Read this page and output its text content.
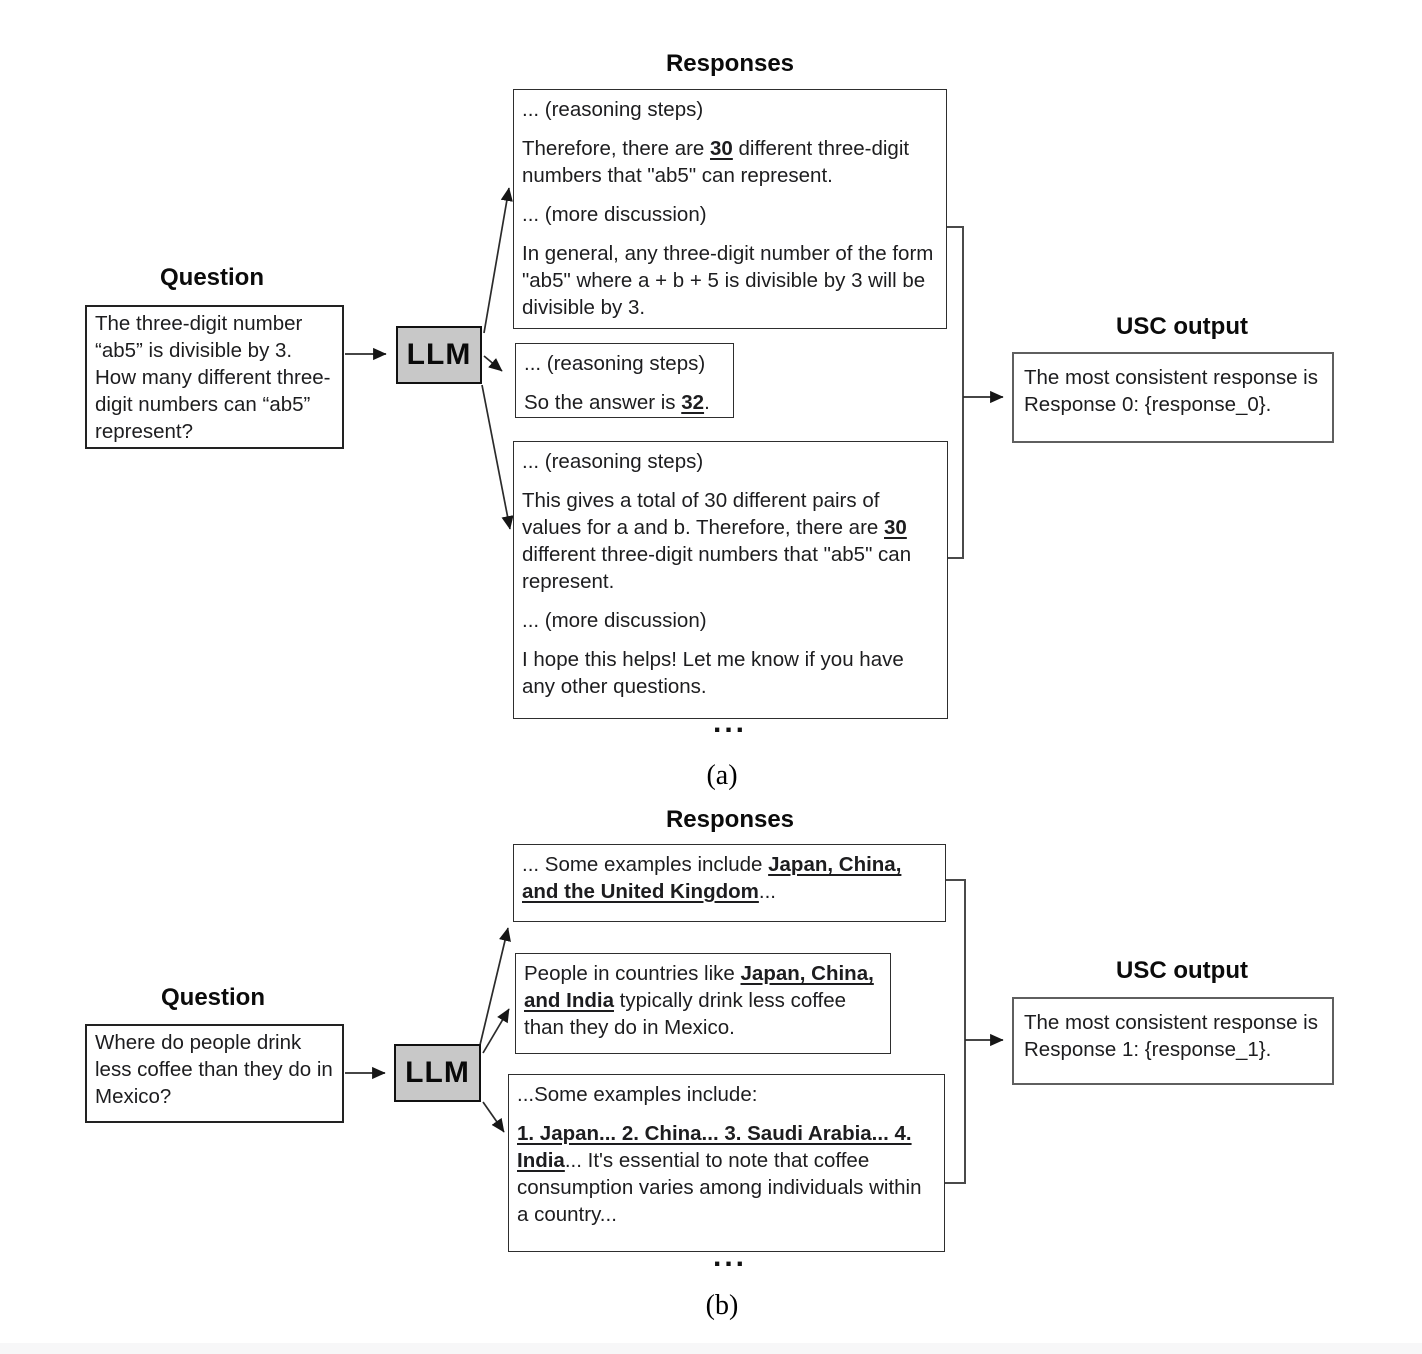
Responses

... (reasoning steps)

Therefore, there are 30 different three-digit numbers that "ab5" can represent.

... (more discussion)

In general, any three-digit number of the form "ab5" where a + b + 5 is divisible by 3 will be divisible by 3.

... (reasoning steps)

So the answer is 32.

... (reasoning steps)

This gives a total of 30 different pairs of values for a and b. Therefore, there are 30 different three-digit numbers that "ab5" can represent.

... (more discussion)

I hope this helps! Let me know if you have any other questions.

...
Question
The three-digit number “ab5” is divisible by 3. How many different three-digit numbers can “ab5” represent?
LLM
USC output
The most consistent response is Response 0: {response_0}.
(a)
Responses

... Some examples include Japan, China, and the United Kingdom...

People in countries like Japan, China, and India typically drink less coffee than they do in Mexico.

...Some examples include:

1. Japan... 2. China... 3. Saudi Arabia... 4. India... It's essential to note that coffee consumption varies among individuals within a country...

...
Question
Where do people drink less coffee than they do in Mexico?
LLM
USC output
The most consistent response is Response 1: {response_1}.
(b)
